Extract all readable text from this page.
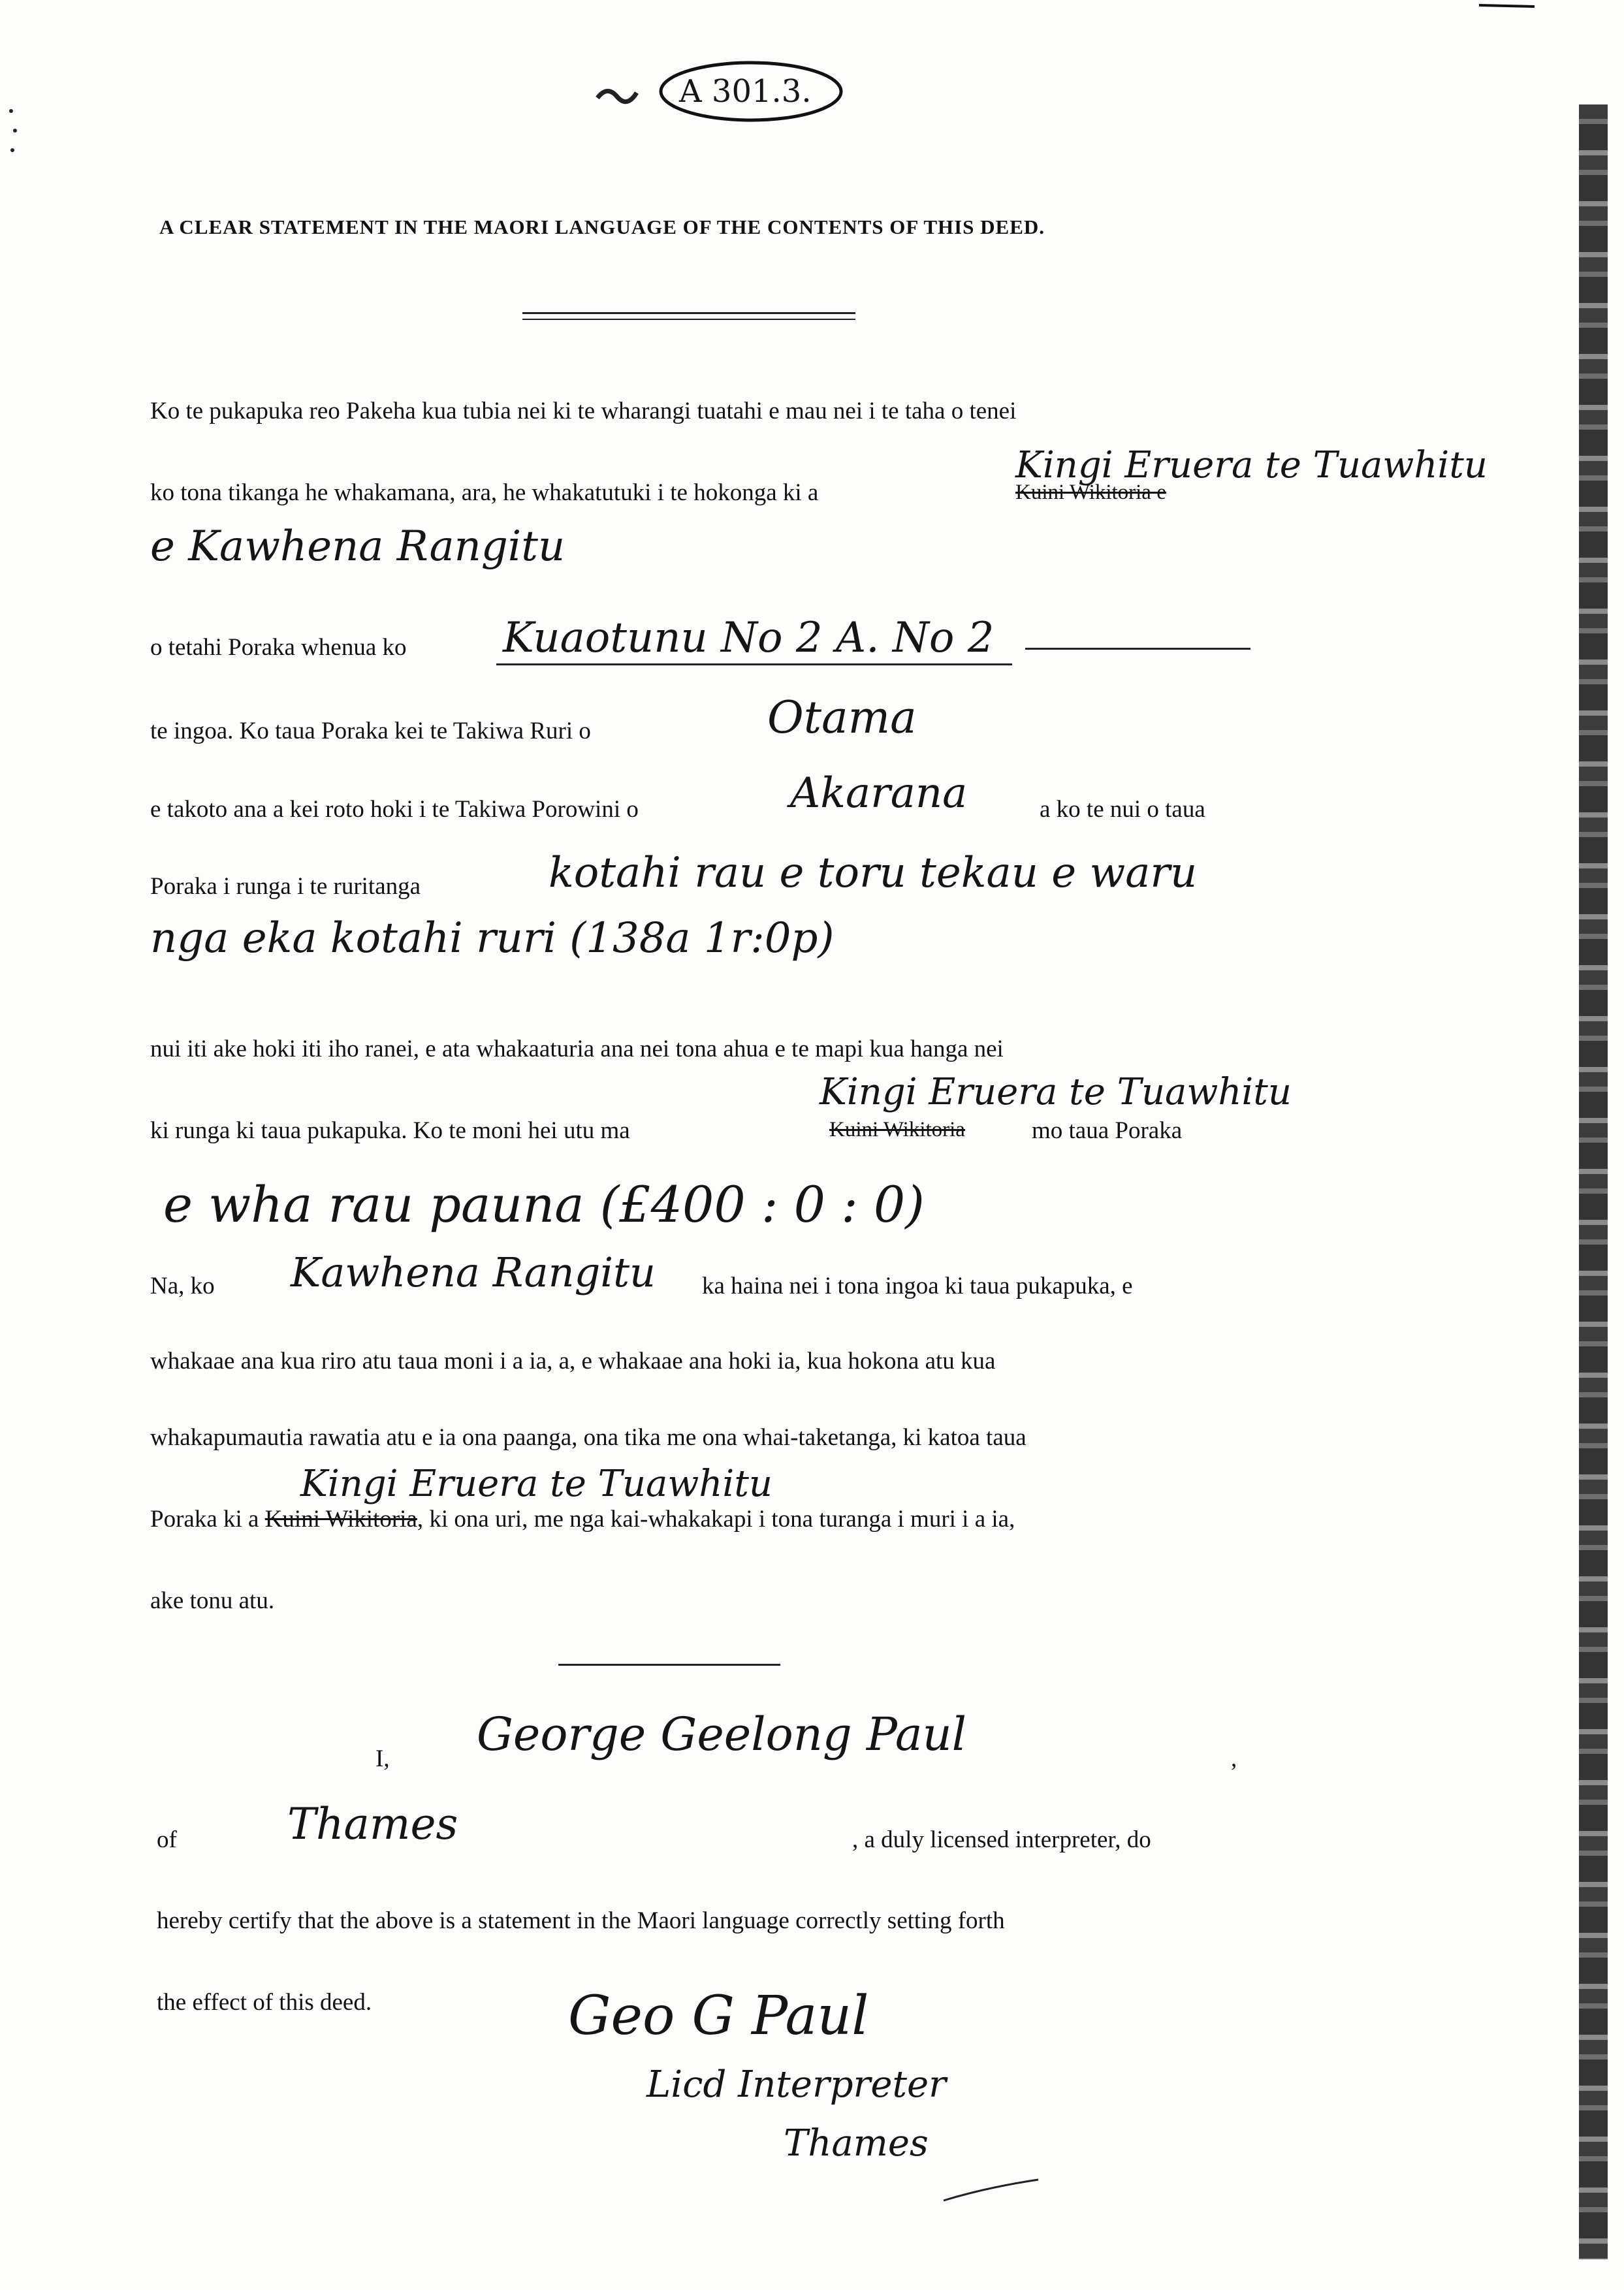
A 301.3.
A CLEAR STATEMENT IN THE MAORI LANGUAGE OF THE CONTENTS OF THIS DEED.
Ko te pukapuka reo Pakeha kua tubia nei ki te wharangi tuatahi e mau nei i te taha o tenei
ko tona tikanga he whakamana, ara, he whakatutuki i te hokonga ki a	Kuini Wikitoria e
Kingi Eruera te Tuawhitu
e Kawhena Rangitu
o tetahi Poraka whenua ko Kuaotunu No 2 A. No 2
te ingoa. Ko taua Poraka kei te Takiwa Ruri o	Otama
e takoto ana a kei roto hoki i te Takiwa Porowini o	Akarana	a ko te nui o taua
Poraka i runga i te ruritanga	kotahi rau e toru tekau e waru
nga eka kotahi ruri (138a 1r:0p)
nui iti ake hoki iti iho ranei, e ata whakaaturia ana nei tona ahua e te mapi kua hanga nei
ki runga ki taua pukapuka. Ko te moni hei utu ma	Kuini Wikitoria	mo taua Poraka
Kingi Eruera te Tuawhitu
e wha rau pauna (£400 : 0 : 0)
Na, ko Kawhena Rangitu ka haina nei i tona ingoa ki taua pukapuka, e
whakaae ana kua riro atu taua moni i a ia, a, e whakaae ana hoki ia, kua hokona atu kua
whakapumautia rawatia atu e ia ona paanga, ona tika me ona whai-taketanga, ki katoa taua
Poraka ki a Kuini Wikitoria, ki ona uri, me nga kai-whakakapi i tona turanga i muri i a ia,
Kingi Eruera te Tuawhitu
ake tonu atu.
I, George Geelong Paul	,
of	Thames	, a duly licensed interpreter, do
hereby certify that the above is a statement in the Maori language correctly setting forth
the effect of this deed.	Geo G Paul
Licd Interpreter
Thames
